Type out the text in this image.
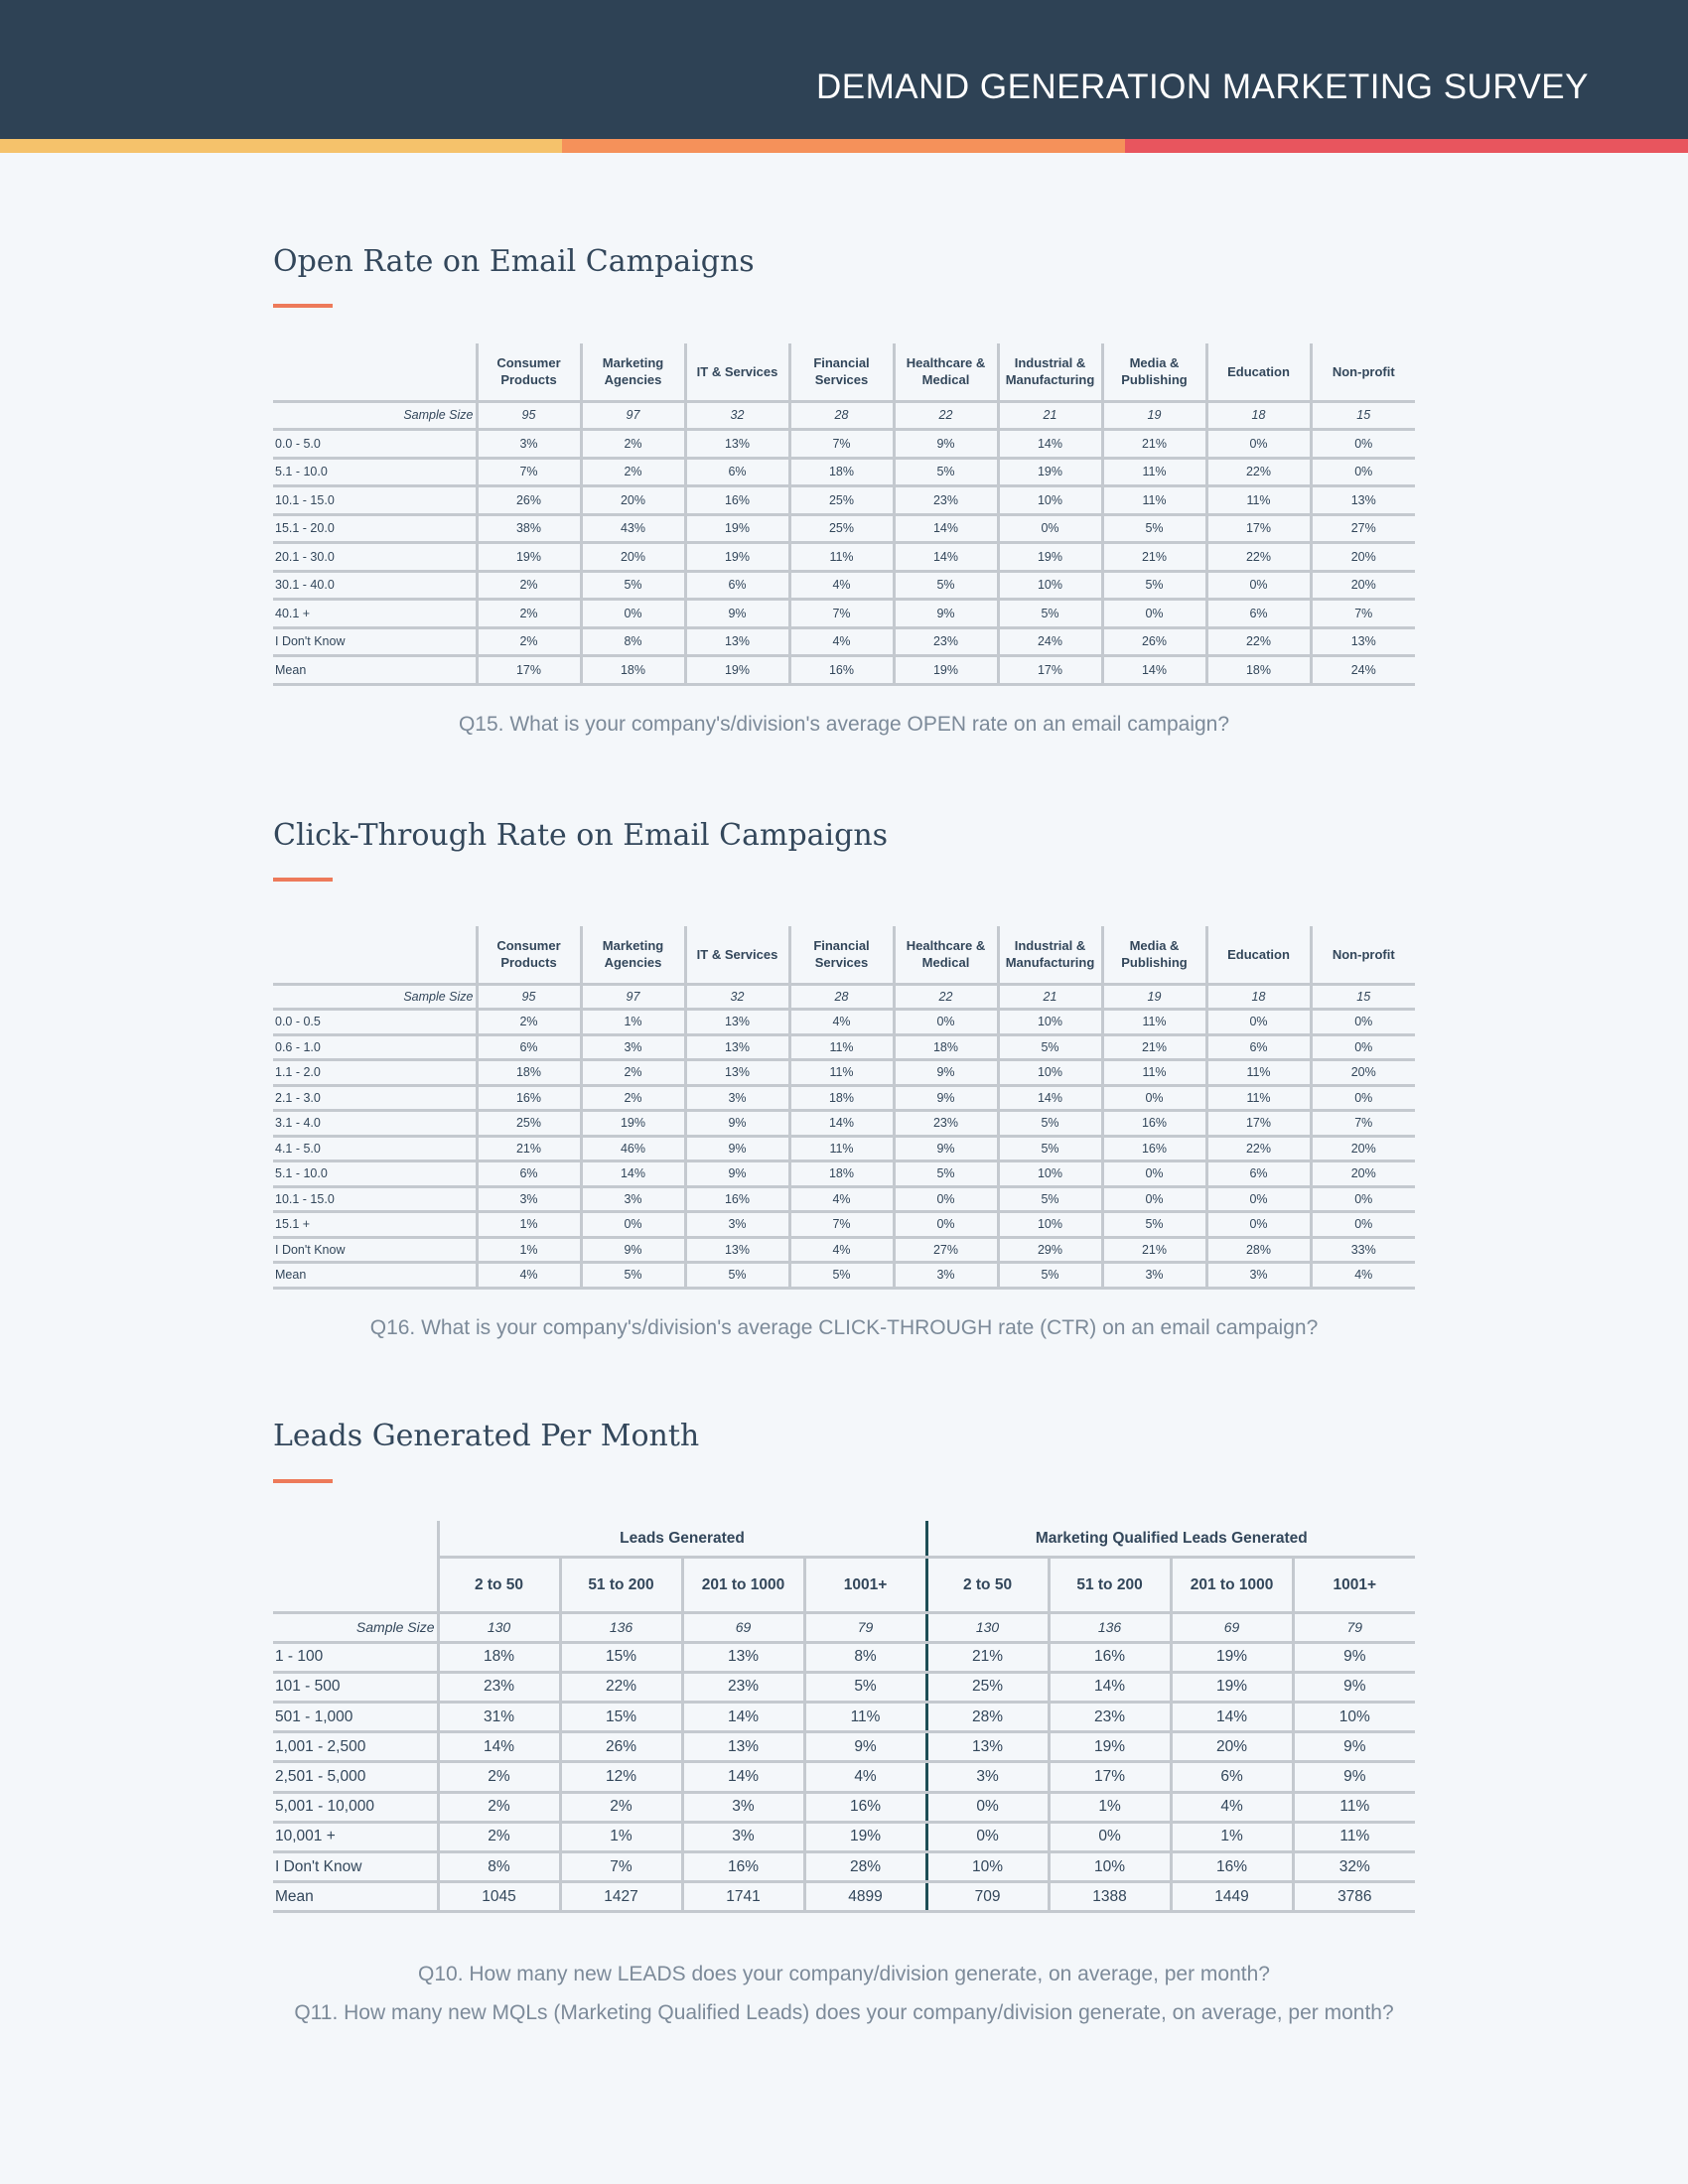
DEMAND GENERATION MARKETING SURVEY
Open Rate on Email Campaigns
	Consumer Products	Marketing Agencies	IT & Services	Financial Services	Healthcare & Medical	Industrial & Manufacturing	Media & Publishing	Education	Non-profit
Sample Size	95	97	32	28	22	21	19	18	15
0.0 - 5.0	3%	2%	13%	7%	9%	14%	21%	0%	0%
5.1 - 10.0	7%	2%	6%	18%	5%	19%	11%	22%	0%
10.1 - 15.0	26%	20%	16%	25%	23%	10%	11%	11%	13%
15.1 - 20.0	38%	43%	19%	25%	14%	0%	5%	17%	27%
20.1 - 30.0	19%	20%	19%	11%	14%	19%	21%	22%	20%
30.1 - 40.0	2%	5%	6%	4%	5%	10%	5%	0%	20%
40.1 +	2%	0%	9%	7%	9%	5%	0%	6%	7%
I Don't Know	2%	8%	13%	4%	23%	24%	26%	22%	13%
Mean	17%	18%	19%	16%	19%	17%	14%	18%	24%
Q15. What is your company's/division's average OPEN rate on an email campaign?
Click-Through Rate on Email Campaigns
	Consumer Products	Marketing Agencies	IT & Services	Financial Services	Healthcare & Medical	Industrial & Manufacturing	Media & Publishing	Education	Non-profit
Sample Size	95	97	32	28	22	21	19	18	15
0.0 - 0.5	2%	1%	13%	4%	0%	10%	11%	0%	0%
0.6 - 1.0	6%	3%	13%	11%	18%	5%	21%	6%	0%
1.1 - 2.0	18%	2%	13%	11%	9%	10%	11%	11%	20%
2.1 - 3.0	16%	2%	3%	18%	9%	14%	0%	11%	0%
3.1 - 4.0	25%	19%	9%	14%	23%	5%	16%	17%	7%
4.1 - 5.0	21%	46%	9%	11%	9%	5%	16%	22%	20%
5.1 - 10.0	6%	14%	9%	18%	5%	10%	0%	6%	20%
10.1 - 15.0	3%	3%	16%	4%	0%	5%	0%	0%	0%
15.1 +	1%	0%	3%	7%	0%	10%	5%	0%	0%
I Don't Know	1%	9%	13%	4%	27%	29%	21%	28%	33%
Mean	4%	5%	5%	5%	3%	5%	3%	3%	4%
Q16. What is your company's/division's average CLICK-THROUGH rate (CTR) on an email campaign?
Leads Generated Per Month
	Leads Generated				Marketing Qualified Leads Generated			
	2 to 50	51 to 200	201 to 1000	1001+	2 to 50	51 to 200	201 to 1000	1001+
Sample Size	130	136	69	79	130	136	69	79
1 - 100	18%	15%	13%	8%	21%	16%	19%	9%
101 - 500	23%	22%	23%	5%	25%	14%	19%	9%
501 - 1,000	31%	15%	14%	11%	28%	23%	14%	10%
1,001 - 2,500	14%	26%	13%	9%	13%	19%	20%	9%
2,501 - 5,000	2%	12%	14%	4%	3%	17%	6%	9%
5,001 - 10,000	2%	2%	3%	16%	0%	1%	4%	11%
10,001 +	2%	1%	3%	19%	0%	0%	1%	11%
I Don't Know	8%	7%	16%	28%	10%	10%	16%	32%
Mean	1045	1427	1741	4899	709	1388	1449	3786
Q10. How many new LEADS does your company/division generate, on average, per month?
Q11. How many new MQLs (Marketing Qualified Leads) does your company/division generate, on average, per month?
